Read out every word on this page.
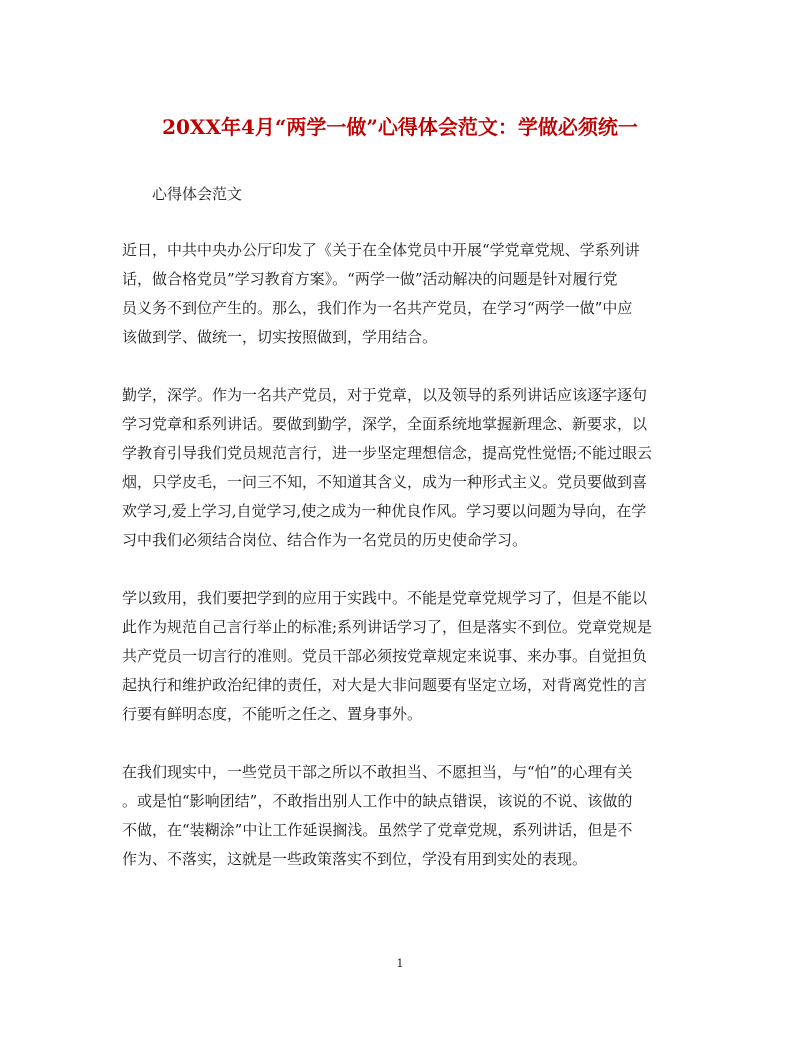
20XX年4月“两学一做”心得体会范文：学做必须统一
心得体会范文
近日，中共中央办公厅印发了《关于在全体党员中开展“学党章党规、学系列讲
话，做合格党员”学习教育方案》。“两学一做”活动解决的问题是针对履行党
员义务不到位产生的。那么，我们作为一名共产党员，在学习“两学一做”中应
该做到学、做统一，切实按照做到，学用结合。
勤学，深学。作为一名共产党员，对于党章，以及领导的系列讲话应该逐字逐句
学习党章和系列讲话。要做到勤学，深学，全面系统地掌握新理念、新要求，以
学教育引导我们党员规范言行，进一步坚定理想信念，提高党性觉悟;不能过眼云
烟，只学皮毛，一问三不知，不知道其含义，成为一种形式主义。党员要做到喜
欢学习,爱上学习,自觉学习,使之成为一种优良作风。学习要以问题为导向，在学
习中我们必须结合岗位、结合作为一名党员的历史使命学习。
学以致用，我们要把学到的应用于实践中。不能是党章党规学习了，但是不能以
此作为规范自己言行举止的标准;系列讲话学习了，但是落实不到位。党章党规是
共产党员一切言行的准则。党员干部必须按党章规定来说事、来办事。自觉担负
起执行和维护政治纪律的责任，对大是大非问题要有坚定立场，对背离党性的言
行要有鲜明态度，不能听之任之、置身事外。
在我们现实中，一些党员干部之所以不敢担当、不愿担当，与“怕”的心理有关
。或是怕“影响团结”，不敢指出别人工作中的缺点错误，该说的不说、该做的
不做，在“装糊涂”中让工作延误搁浅。虽然学了党章党规，系列讲话，但是不
作为、不落实，这就是一些政策落实不到位，学没有用到实处的表现。
1
